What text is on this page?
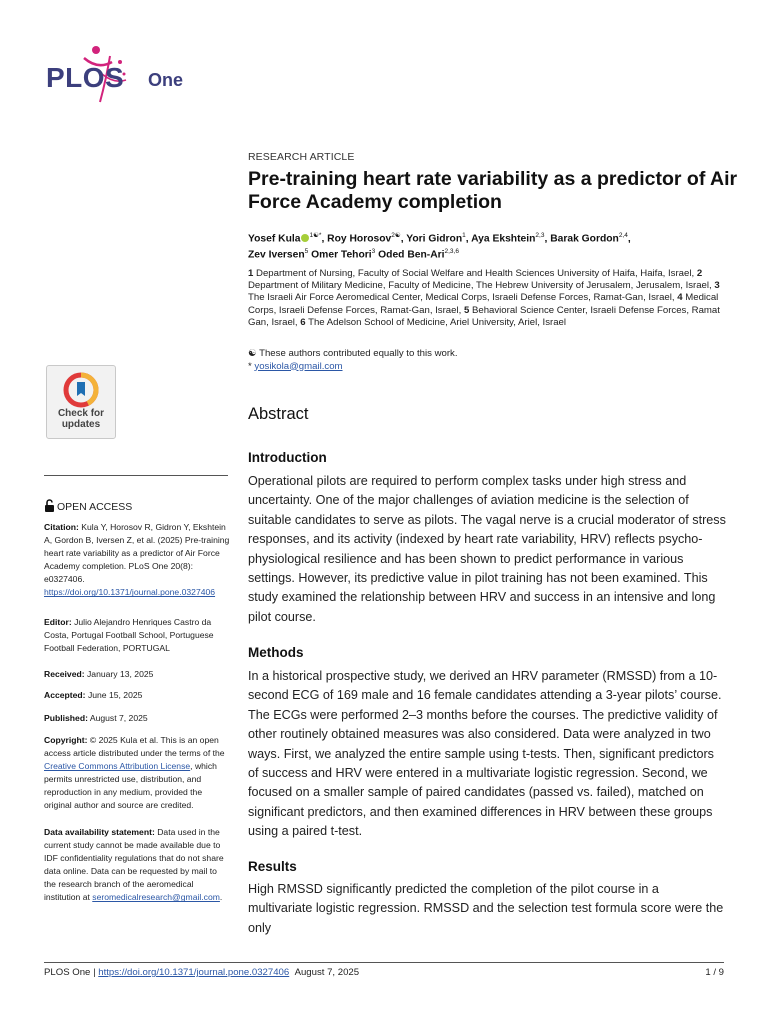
PLOS One
RESEARCH ARTICLE
Pre-training heart rate variability as a predictor of Air Force Academy completion
Yosef Kula $^{1☯*}$, Roy Horosov$^{2☯}$, Yori Gidron$^1$, Aya Ekshtein$^{2,3}$, Barak Gordon$^{2,4}$,
Zev Iversen$^5$ Omer Tehori$^3$ Oded Ben-Ari$^{2,3,6}$
1 Department of Nursing, Faculty of Social Welfare and Health Sciences University of Haifa, Haifa, Israel, 2 Department of Military Medicine, Faculty of Medicine, The Hebrew University of Jerusalem, Jerusalem, Israel, 3 The Israeli Air Force Aeromedical Center, Medical Corps, Israeli Defense Forces, Ramat-Gan, Israel, 4 Medical Corps, Israeli Defense Forces, Ramat-Gan, Israel, 5 Behavioral Science Center, Israeli Defense Forces, Ramat Gan, Israel, 6 The Adelson School of Medicine, Ariel University, Ariel, Israel
☯ These authors contributed equally to this work.
* yosikola@gmail.com
Abstract
Introduction
Operational pilots are required to perform complex tasks under high stress and uncertainty. One of the major challenges of aviation medicine is the selection of suitable candidates to serve as pilots. The vagal nerve is a crucial moderator of stress responses, and its activity (indexed by heart rate variability, HRV) reflects psycho-physiological resilience and has been shown to predict performance in various settings. However, its predictive value in pilot training has not been examined. This study examined the relationship between HRV and success in an intensive and long pilot course.
Methods
In a historical prospective study, we derived an HRV parameter (RMSSD) from a 10-second ECG of 169 male and 16 female candidates attending a 3-year pilots’ course. The ECGs were performed 2–3 months before the courses. The predictive validity of other routinely obtained measures was also considered. Data were analyzed in two ways. First, we analyzed the entire sample using t-tests. Then, significant predictors of success and HRV were entered in a multivariate logistic regression. Second, we focused on a smaller sample of paired candidates (passed vs. failed), matched on significant predictors, and then examined differences in HRV between these groups using a paired t-test.
Results
High RMSSD significantly predicted the completion of the pilot course in a multivariate logistic regression. RMSSD and the selection test formula score were the only
Check for
updates
OPEN ACCESS
Citation: Kula Y, Horosov R, Gidron Y, Ekshtein A, Gordon B, Iversen Z, et al. (2025) Pre-training heart rate variability as a predictor of Air Force Academy completion. PLoS One 20(8): e0327406. https://doi.org/10.1371/journal.pone.0327406
Editor: Julio Alejandro Henriques Castro da Costa, Portugal Football School, Portuguese Football Federation, PORTUGAL
Received: January 13, 2025
Accepted: June 15, 2025
Published: August 7, 2025
Copyright: © 2025 Kula et al. This is an open access article distributed under the terms of the Creative Commons Attribution License, which permits unrestricted use, distribution, and reproduction in any medium, provided the original author and source are credited.
Data availability statement: Data used in the current study cannot be made available due to IDF confidentiality regulations that do not share data online. Data can be requested by mail to the research branch of the aeromedical institution at seromedicalresearch@gmail.com.
PLOS One | https://doi.org/10.1371/journal.pone.0327406 August 7, 2025	1 / 9
